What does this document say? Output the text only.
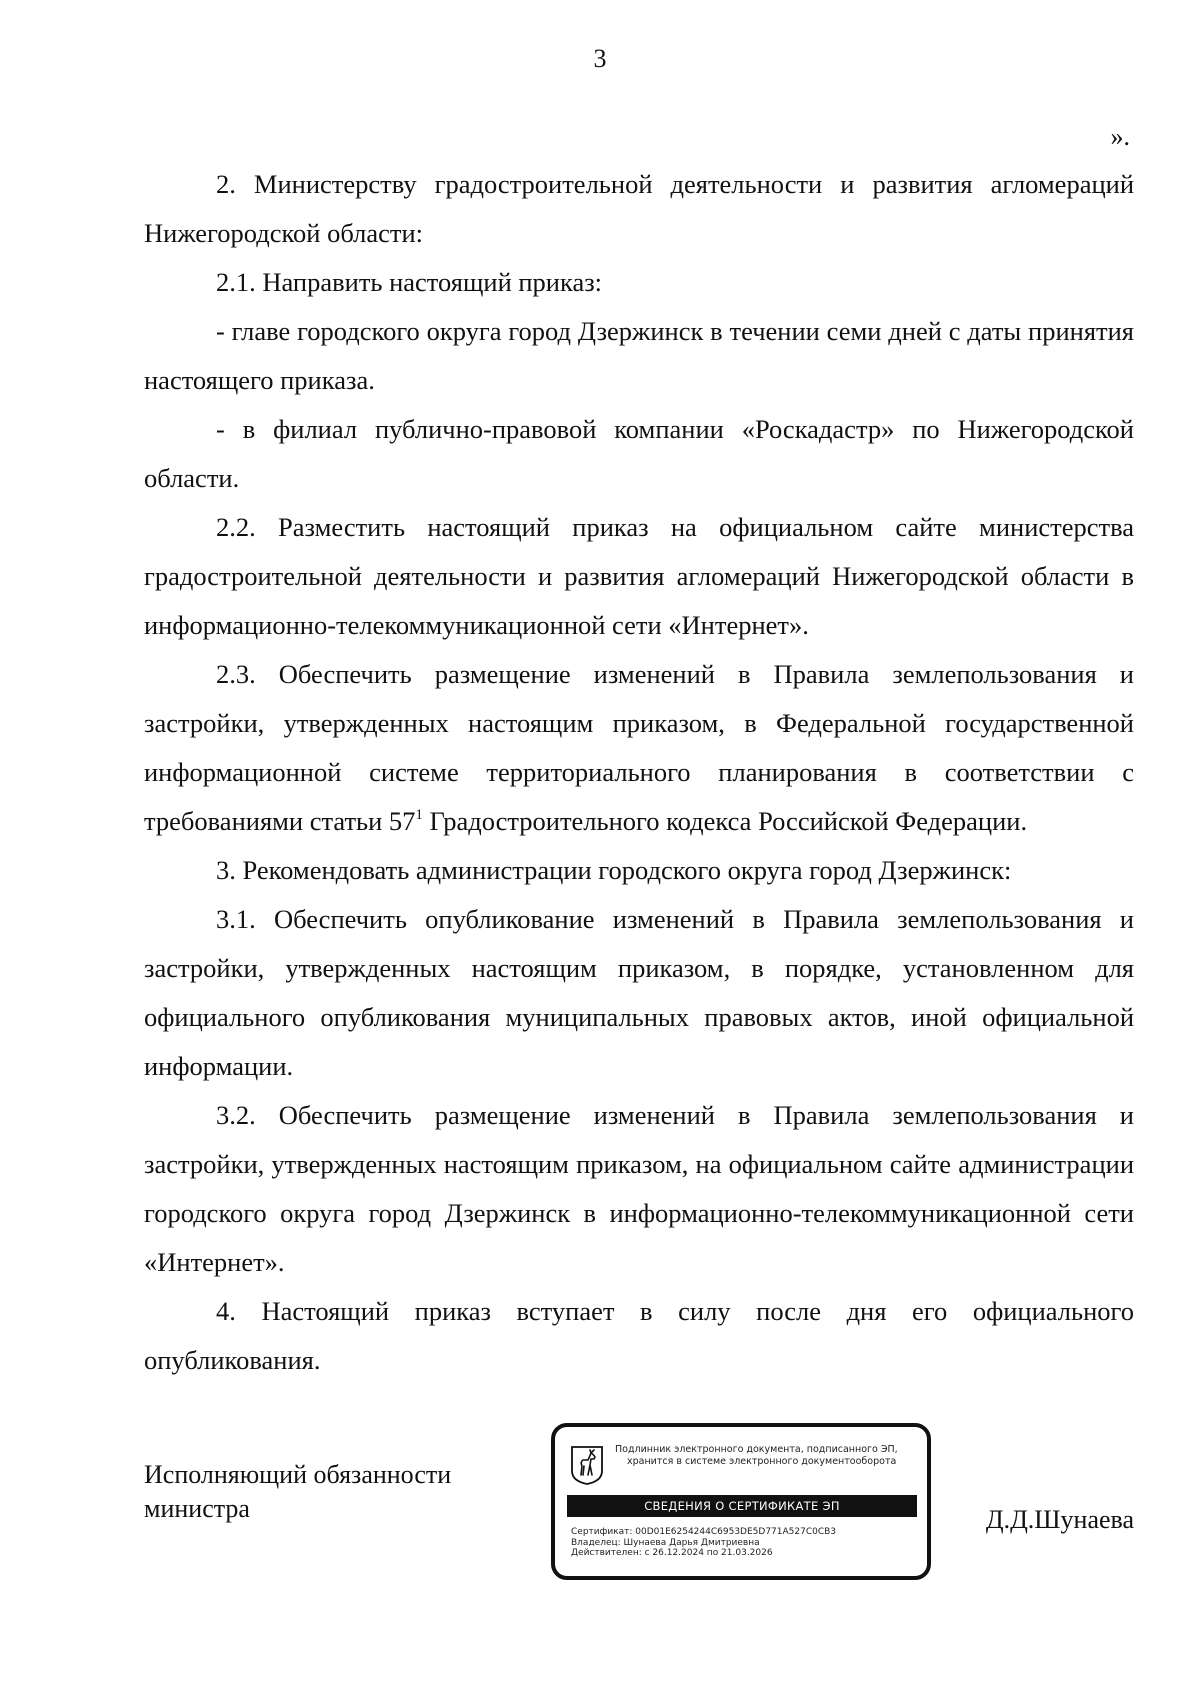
3
».

2. Министерству градостроительной деятельности и развития агломераций Нижегородской области:

2.1. Направить настоящий приказ:

- главе городского округа город Дзержинск в течении семи дней с даты принятия настоящего приказа.

- в филиал публично-правовой компании «Роскадастр» по Нижегородской области.

2.2. Разместить настоящий приказ на официальном сайте министерства градостроительной деятельности и развития агломераций Нижегородской области в информационно-телекоммуникационной сети «Интернет».

2.3. Обеспечить размещение изменений в Правила землепользования и застройки, утвержденных настоящим приказом, в Федеральной государственной информационной системе территориального планирования в соответствии с требованиями статьи $57^1$ Градостроительного кодекса Российской Федерации.

3. Рекомендовать администрации городского округа город Дзержинск:

3.1. Обеспечить опубликование изменений в Правила землепользования и застройки, утвержденных настоящим приказом, в порядке, установленном для официального опубликования муниципальных правовых актов, иной официальной информации.

3.2. Обеспечить размещение изменений в Правила землепользования и застройки, утвержденных настоящим приказом, на официальном сайте администрации городского округа город Дзержинск в информационно-телекоммуникационной сети «Интернет».

4. Настоящий приказ вступает в силу после дня его официального опубликования.

Исполняющий обязанности
министра
Подлинник электронного документа, подписанного ЭП,
хранится в системе электронного документооборота
СВЕДЕНИЯ О СЕРТИФИКАТЕ ЭП
Сертификат: 00D01E6254244C6953DE5D771A527C0CB3
Владелец: Шунаева Дарья Дмитриевна
Действителен: с 26.12.2024 по 21.03.2026
Д.Д.Шунаева
